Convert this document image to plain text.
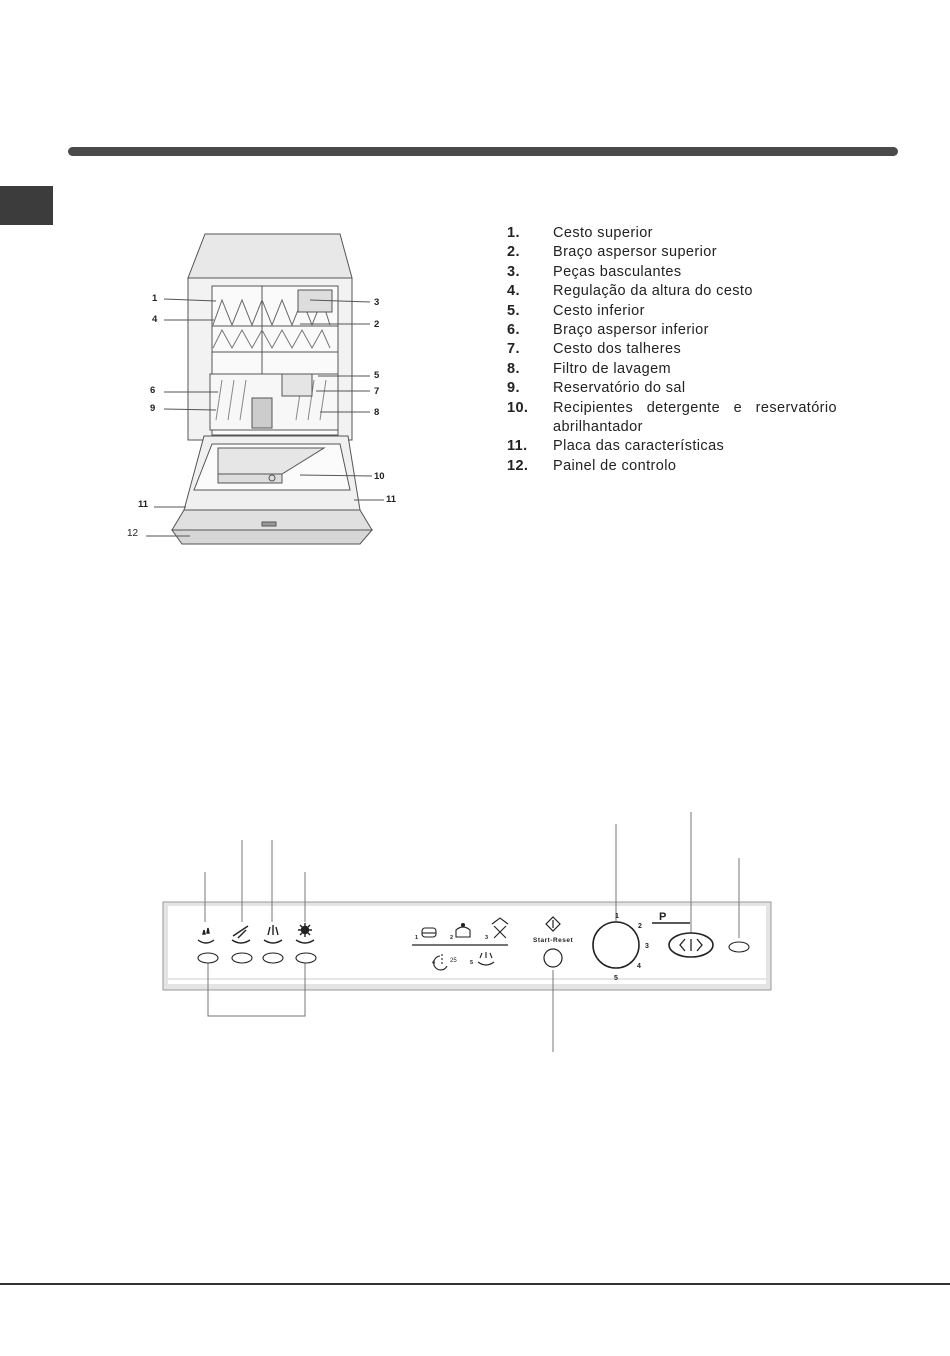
1
4
3
2
5
7
8
6
9
10
11	11
12
1.	Cesto superior
2.	Braço aspersor superior
3.	Peças basculantes
4.	Regulação da altura do cesto
5.	Cesto inferior
6.	Braço aspersor inferior
7.	Cesto dos talheres
8.	Filtro de lavagem
9.	Reservatório do sal
10.	Recipientes detergente e reservatório abrilhantador
11.	Placa das características
12.	Painel de controlo
1	2	3
4	5
25
Start-Reset
1
2
3
4
5
P
